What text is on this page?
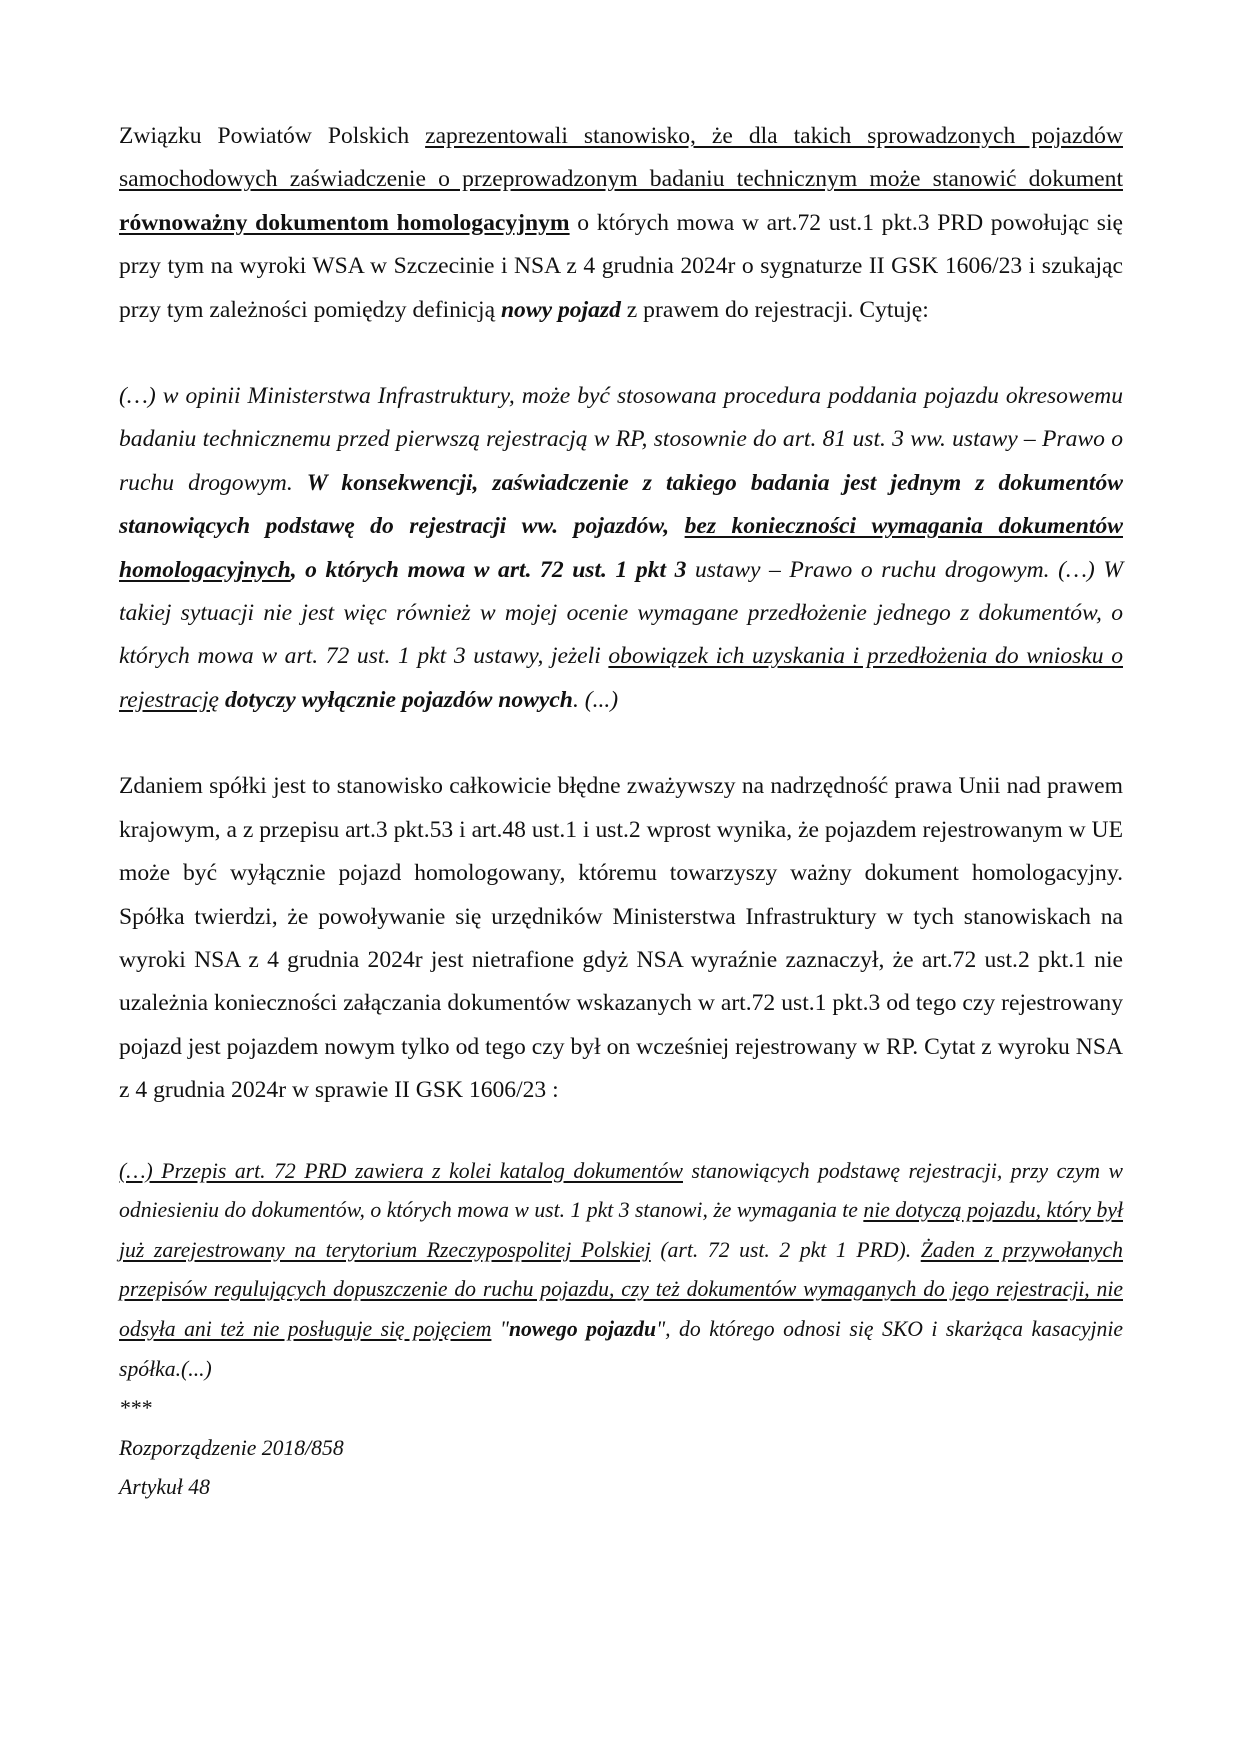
Związku Powiatów Polskich zaprezentowali stanowisko, że dla takich sprowadzonych pojazdów samochodowych zaświadczenie o przeprowadzonym badaniu technicznym może stanowić dokument równoważny dokumentom homologacyjnym o których mowa w art.72 ust.1 pkt.3 PRD powołując się przy tym na wyroki WSA w Szczecinie i NSA z 4 grudnia 2024r o sygnaturze II GSK 1606/23 i szukając przy tym zależności pomiędzy definicją nowy pojazd z prawem do rejestracji. Cytuję:

(…) w opinii Ministerstwa Infrastruktury, może być stosowana procedura poddania pojazdu okresowemu badaniu technicznemu przed pierwszą rejestracją w RP, stosownie do art. 81 ust. 3 ww. ustawy – Prawo o ruchu drogowym. W konsekwencji, zaświadczenie z takiego badania jest jednym z dokumentów stanowiących podstawę do rejestracji ww. pojazdów, bez konieczności wymagania dokumentów homologacyjnych, o których mowa w art. 72 ust. 1 pkt 3 ustawy – Prawo o ruchu drogowym. (…) W takiej sytuacji nie jest więc również w mojej ocenie wymagane przedłożenie jednego z dokumentów, o których mowa w art. 72 ust. 1 pkt 3 ustawy, jeżeli obowiązek ich uzyskania i przedłożenia do wniosku o rejestrację dotyczy wyłącznie pojazdów nowych. (...)

Zdaniem spółki jest to stanowisko całkowicie błędne zważywszy na nadrzędność prawa Unii nad prawem krajowym, a z przepisu art.3 pkt.53 i art.48 ust.1 i ust.2 wprost wynika, że pojazdem rejestrowanym w UE może być wyłącznie pojazd homologowany, któremu towarzyszy ważny dokument homologacyjny. Spółka twierdzi, że powoływanie się urzędników Ministerstwa Infrastruktury w tych stanowiskach na wyroki NSA z 4 grudnia 2024r jest nietrafione gdyż NSA wyraźnie zaznaczył, że art.72 ust.2 pkt.1 nie uzależnia konieczności załączania dokumentów wskazanych w art.72 ust.1 pkt.3 od tego czy rejestrowany pojazd jest pojazdem nowym tylko od tego czy był on wcześniej rejestrowany w RP. Cytat z wyroku NSA z 4 grudnia 2024r w sprawie II GSK 1606/23 :

(…) Przepis art. 72 PRD zawiera z kolei katalog dokumentów stanowiących podstawę rejestracji, przy czym w odniesieniu do dokumentów, o których mowa w ust. 1 pkt 3 stanowi, że wymagania te nie dotyczą pojazdu, który był już zarejestrowany na terytorium Rzeczypospolitej Polskiej (art. 72 ust. 2 pkt 1 PRD). Żaden z przywołanych przepisów regulujących dopuszczenie do ruchu pojazdu, czy też dokumentów wymaganych do jego rejestracji, nie odsyła ani też nie posługuje się pojęciem "nowego pojazdu", do którego odnosi się SKO i skarżąca kasacyjnie spółka.(...)

***

Rozporządzenie 2018/858

Artykuł 48
